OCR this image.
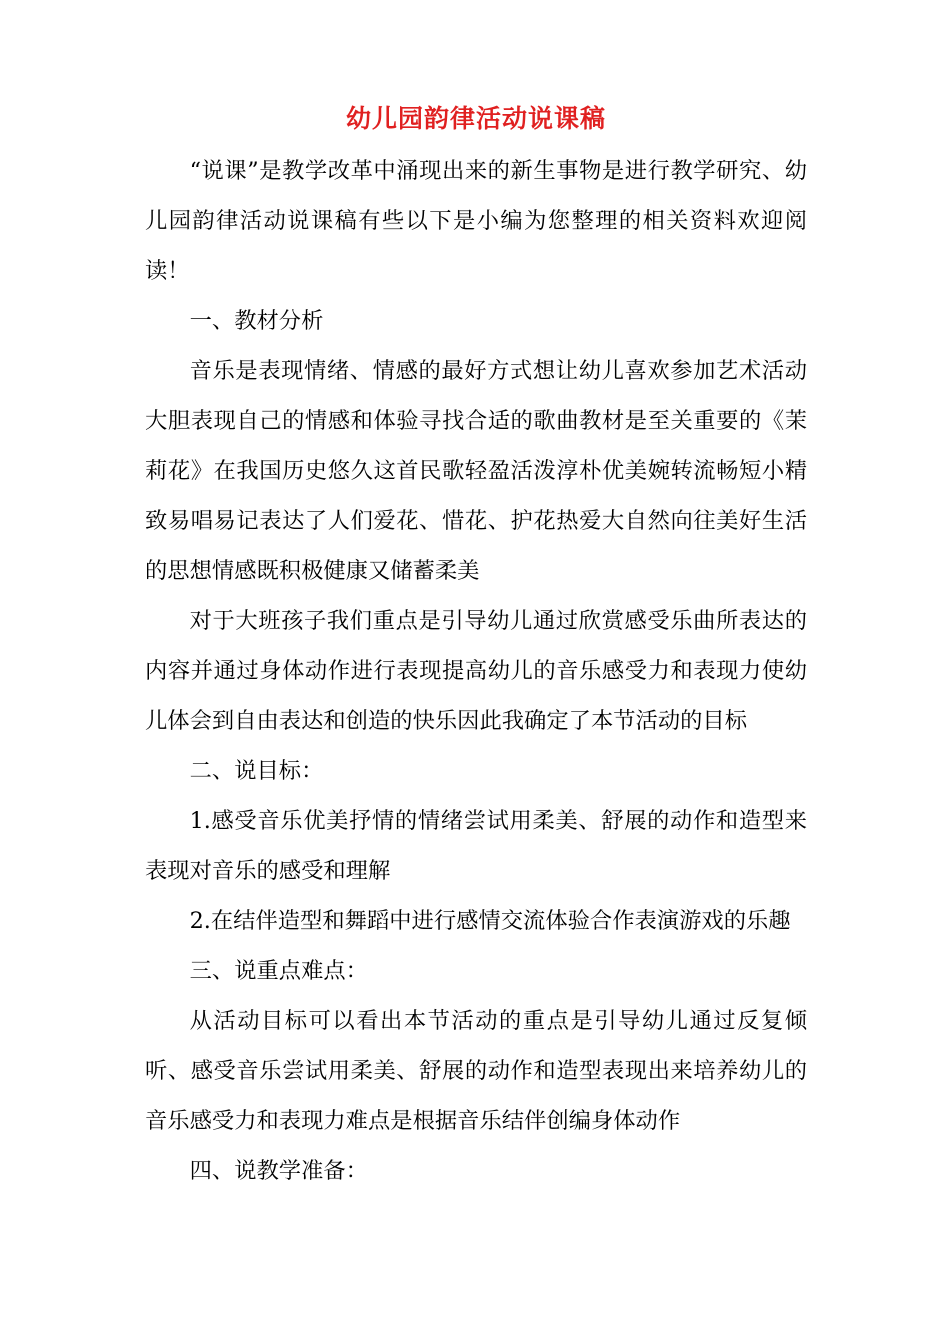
幼儿园韵律活动说课稿

“说课”是教学改革中涌现出来的新生事物是进行教学研究、幼儿园韵律活动说课稿有些以下是小编为您整理的相关资料欢迎阅读！

一、教材分析

音乐是表现情绪、情感的最好方式想让幼儿喜欢参加艺术活动大胆表现自己的情感和体验寻找合适的歌曲教材是至关重要的《茉莉花》在我国历史悠久这首民歌轻盈活泼淳朴优美婉转流畅短小精致易唱易记表达了人们爱花、惜花、护花热爱大自然向往美好生活的思想情感既积极健康又储蓄柔美

对于大班孩子我们重点是引导幼儿通过欣赏感受乐曲所表达的内容并通过身体动作进行表现提高幼儿的音乐感受力和表现力使幼儿体会到自由表达和创造的快乐因此我确定了本节活动的目标

二、说目标：

1.感受音乐优美抒情的情绪尝试用柔美、舒展的动作和造型来表现对音乐的感受和理解

2.在结伴造型和舞蹈中进行感情交流体验合作表演游戏的乐趣

三、说重点难点：

从活动目标可以看出本节活动的重点是引导幼儿通过反复倾听、感受音乐尝试用柔美、舒展的动作和造型表现出来培养幼儿的音乐感受力和表现力难点是根据音乐结伴创编身体动作

四、说教学准备：
